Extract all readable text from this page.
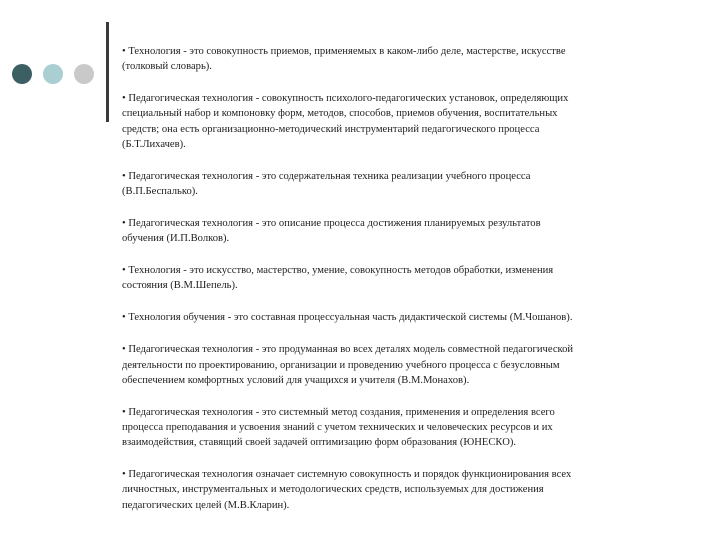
• Технология - это совокупность приемов, применяемых в каком-либо деле, мастерстве, искусстве
(толковый словарь).

• Педагогическая технология - совокупность психолого-педагогических установок, определяющих
специальный набор и компоновку форм, методов, способов, приемов обучения, воспитательных
средств; она есть организационно-методический инструментарий педагогического процесса
(Б.Т.Лихачев).

• Педагогическая технология - это содержательная техника реализации учебного процесса
(В.П.Беспалько).

• Педагогическая технология - это описание процесса достижения планируемых результатов
обучения (И.П.Волков).

• Технология - это искусство, мастерство, умение, совокупность методов обработки, изменения
состояния (В.М.Шепель).

• Технология обучения - это составная процессуальная часть дидактической системы (М.Чошанов).

• Педагогическая технология - это продуманная во всех деталях модель совместной педагогической
деятельности по проектированию, организации и проведению учебного процесса с безусловным
обеспечением комфортных условий для учащихся и учителя (В.М.Монахов).

• Педагогическая технология - это системный метод создания, применения и определения всего
процесса преподавания и усвоения знаний с учетом технических и человеческих ресурсов и их
взаимодействия, ставящий своей задачей оптимизацию форм образования (ЮНЕСКО).

• Педагогическая технология означает системную совокупность и порядок функционирования всех
личностных, инструментальных и методологических средств, используемых для достижения
педагогических целей (М.В.Кларин).
